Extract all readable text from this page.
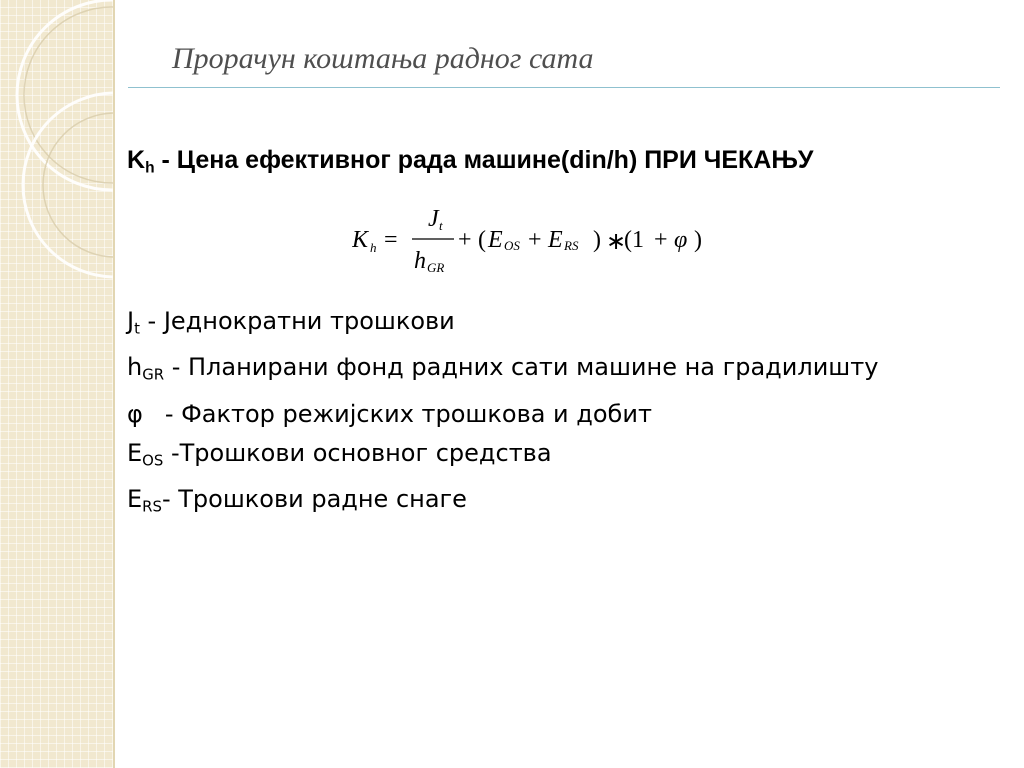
Прорачун коштања радног сата
$K_h$ - Цена ефективног рада машине(din/h) ПРИ ЧЕКАЊУ
K h =
J t
h GR
+ ( E OS + E RS ) ∗
(1 + φ )
$J_t$ - Једнократни трошкови
$h_{GR}$ - Планирани фонд радних сати машине на градилишту
φ - Фактор режијских трошкова и добит
$E_{OS}$ -Трошкови основног средства
$E_{RS}-$ Трошкови радне снаге
